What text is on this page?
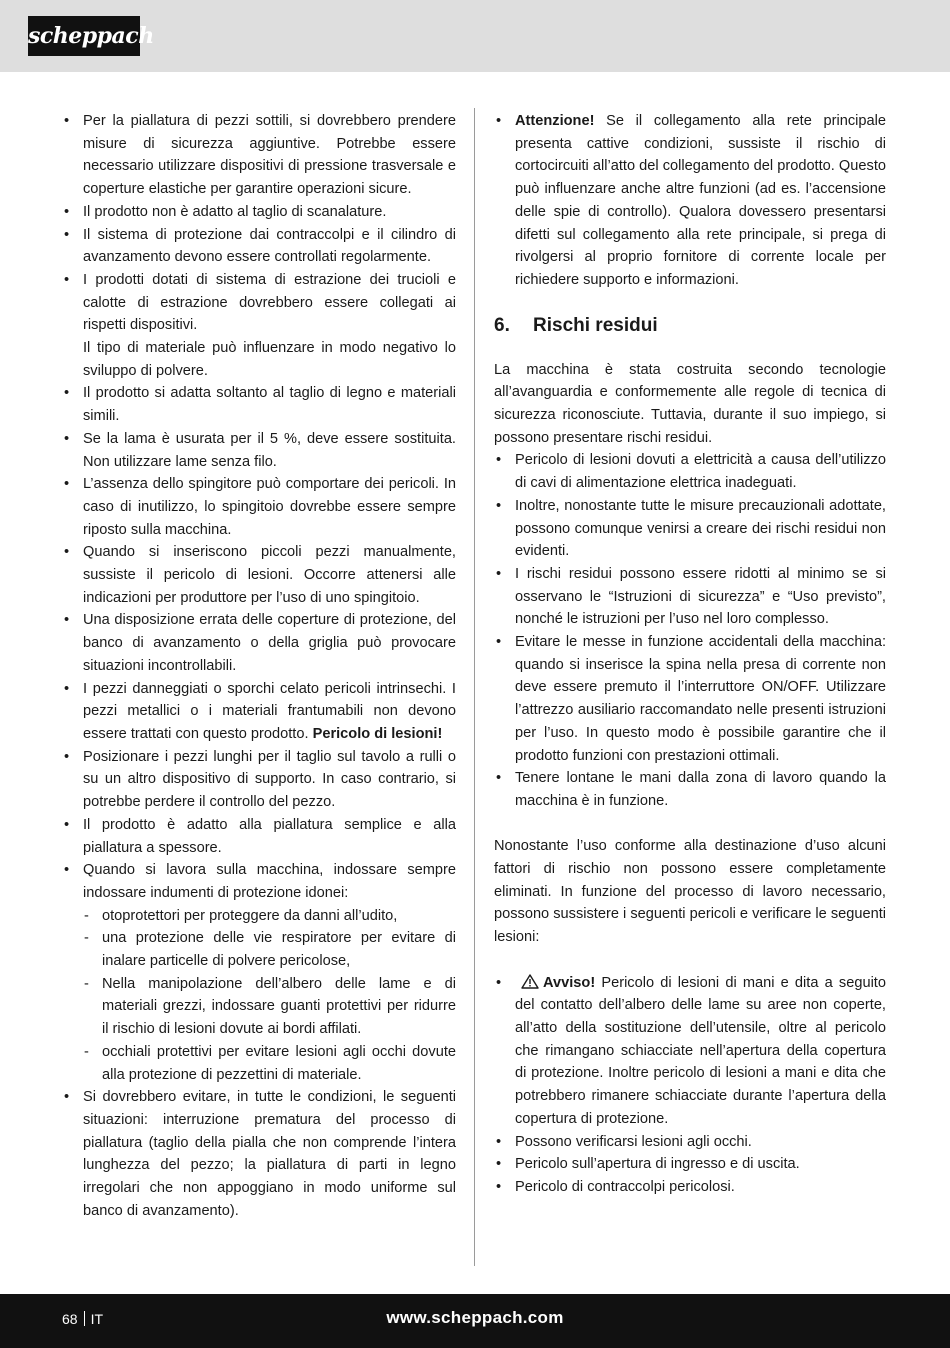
scheppach
• Per la piallatura di pezzi sottili, si dovrebbero prendere misure di sicurezza aggiuntive. Potrebbe essere necessario utilizzare dispositivi di pressione trasversale e coperture elastiche per garantire operazioni sicure.
• Il prodotto non è adatto al taglio di scanalature.
• Il sistema di protezione dai contraccolpi e il cilindro di avanzamento devono essere controllati regolarmente.
• I prodotti dotati di sistema di estrazione dei trucioli e calotte di estrazione dovrebbero essere collegati ai rispetti dispositivi.
Il tipo di materiale può influenzare in modo negativo lo sviluppo di polvere.
• Il prodotto si adatta soltanto al taglio di legno e materiali simili.
• Se la lama è usurata per il 5 %, deve essere sostituita. Non utilizzare lame senza filo.
• L’assenza dello spingitore può comportare dei pericoli. In caso di inutilizzo, lo spingitoio dovrebbe essere sempre riposto sulla macchina.
• Quando si inseriscono piccoli pezzi manualmente, sussiste il pericolo di lesioni. Occorre attenersi alle indicazioni per produttore per l’uso di uno spingitoio.
• Una disposizione errata delle coperture di protezione, del banco di avanzamento o della griglia può provocare situazioni incontrollabili.
• I pezzi danneggiati o sporchi celato pericoli intrinsechi. I pezzi metallici o i materiali frantumabili non devono essere trattati con questo prodotto. Pericolo di lesioni!
• Posizionare i pezzi lunghi per il taglio sul tavolo a rulli o su un altro dispositivo di supporto. In caso contrario, si potrebbe perdere il controllo del pezzo.
• Il prodotto è adatto alla piallatura semplice e alla piallatura a spessore.
• Quando si lavora sulla macchina, indossare sempre indossare indumenti di protezione idonei:
- otoprotettori per proteggere da danni all’udito,
- una protezione delle vie respiratore per evitare di inalare particelle di polvere pericolose,
- Nella manipolazione dell’albero delle lame e di materiali grezzi, indossare guanti protettivi per ridurre il rischio di lesioni dovute ai bordi affilati.
- occhiali protettivi per evitare lesioni agli occhi dovute alla protezione di pezzettini di materiale.
• Si dovrebbero evitare, in tutte le condizioni, le seguenti situazioni: interruzione prematura del processo di piallatura (taglio della pialla che non comprende l’intera lunghezza del pezzo; la piallatura di parti in legno irregolari che non appoggiano in modo uniforme sul banco di avanzamento).
• Attenzione! Se il collegamento alla rete principale presenta cattive condizioni, sussiste il rischio di cortocircuiti all’atto del collegamento del prodotto. Questo può influenzare anche altre funzioni (ad es. l’accensione delle spie di controllo). Qualora dovessero presentarsi difetti sul collegamento alla rete principale, si prega di rivolgersi al proprio fornitore di corrente locale per richiedere supporto e informazioni.
6.	Rischi residui

La macchina è stata costruita secondo tecnologie all’avanguardia e conformemente alle regole di tecnica di sicurezza riconosciute. Tuttavia, durante il suo impiego, si possono presentare rischi residui.

• Pericolo di lesioni dovuti a elettricità a causa dell’utilizzo di cavi di alimentazione elettrica inadeguati.
• Inoltre, nonostante tutte le misure precauzionali adottate, possono comunque venirsi a creare dei rischi residui non evidenti.
• I rischi residui possono essere ridotti al minimo se si osservano le “Istruzioni di sicurezza” e “Uso previsto”, nonché le istruzioni per l’uso nel loro complesso.
• Evitare le messe in funzione accidentali della macchina: quando si inserisce la spina nella presa di corrente non deve essere premuto il l’interruttore ON/OFF. Utilizzare l’attrezzo ausiliario raccomandato nelle presenti istruzioni per l’uso. In questo modo è possibile garantire che il prodotto funzioni con prestazioni ottimali.
• Tenere lontane le mani dalla zona di lavoro quando la macchina è in funzione.

Nonostante l’uso conforme alla destinazione d’uso alcuni fattori di rischio non possono essere completamente eliminati. In funzione del processo di lavoro necessario, possono sussistere i seguenti pericoli e verificare le seguenti lesioni:

• Avviso! Pericolo di lesioni di mani e dita a seguito del contatto dell’albero delle lame su aree non coperte, all’atto della sostituzione dell’utensile, oltre al pericolo che rimangano schiacciate nell’apertura della copertura di protezione. Inoltre pericolo di lesioni a mani e dita che potrebbero rimanere schiacciate durante l’apertura della copertura di protezione.
• Possono verificarsi lesioni agli occhi.
• Pericolo sull’apertura di ingresso e di uscita.
• Pericolo di contraccolpi pericolosi.
68 IT	www.scheppach.com
